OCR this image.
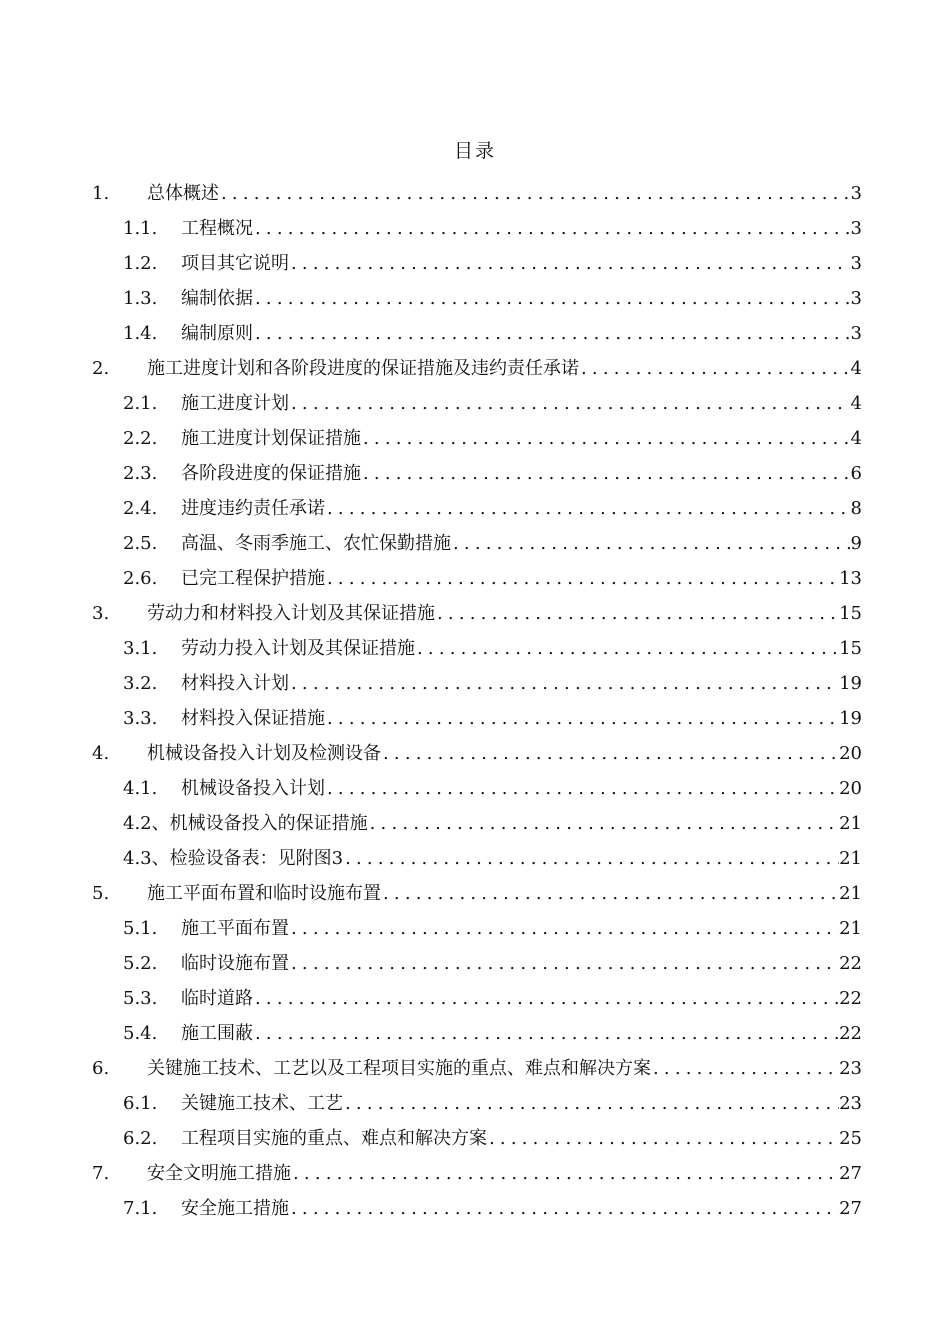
目录
1.	总体概述 .....	3
1.1.	工程概况 .....	3
1.2.	项目其它说明 .....	3
1.3.	编制依据 .....	3
1.4.	编制原则 .....	3
2.	施工进度计划和各阶段进度的保证措施及违约责任承诺 .....	4
2.1.	施工进度计划 .....	4
2.2.	施工进度计划保证措施 .....	4
2.3.	各阶段进度的保证措施 .....	6
2.4.	进度违约责任承诺 .....	8
2.5.	高温、冬雨季施工、农忙保勤措施 .....	9
2.6.	已完工程保护措施 .....	13
3.	劳动力和材料投入计划及其保证措施 .....	15
3.1.	劳动力投入计划及其保证措施 .....	15
3.2.	材料投入计划 .....	19
3.3.	材料投入保证措施 .....	19
4.	机械设备投入计划及检测设备 .....	20
4.1.	机械设备投入计划 .....	20
4.2、 机械设备投入的保证措施 .....	21
4.3、 检验设备表：见附图3 .....	21
5.	施工平面布置和临时设施布置 .....	21
5.1.	施工平面布置 .....	21
5.2.	临时设施布置 .....	22
5.3.	临时道路 .....	22
5.4.	施工围蔽 .....	22
6.	关键施工技术、工艺以及工程项目实施的重点、难点和解决方案 .....	23
6.1.	关键施工技术、工艺 .....	23
6.2.	工程项目实施的重点、难点和解决方案 .....	25
7.	安全文明施工措施 .....	27
7.1.	安全施工措施 .....	27
